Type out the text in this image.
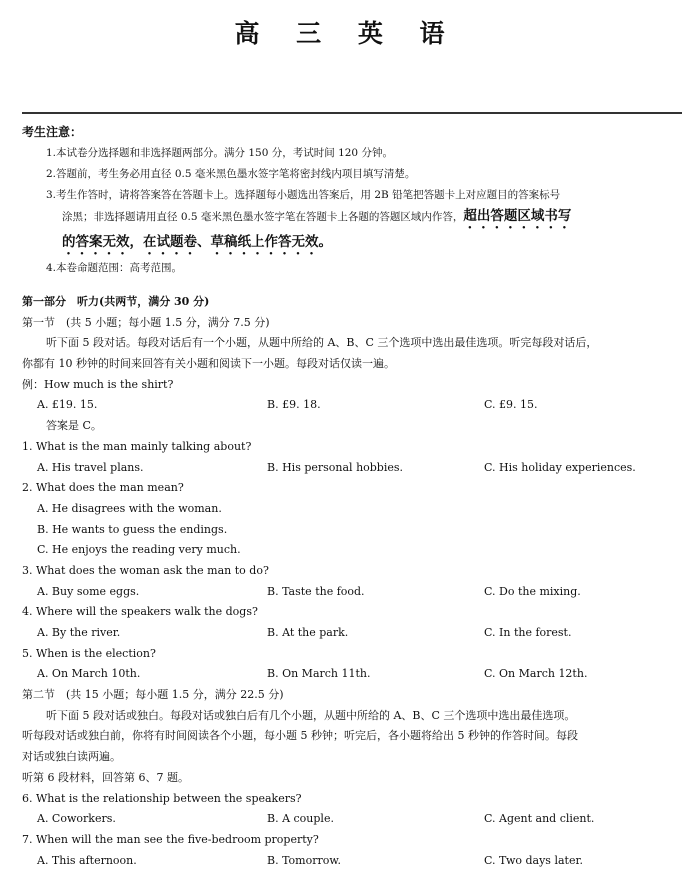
高 三 英 语
考生注意：
1.本试卷分选择题和非选择题两部分。满分 150 分，考试时间 120 分钟。
2.答题前，考生务必用直径 0.5 毫米黑色墨水签字笔将密封线内项目填写清楚。
3.考生作答时，请将答案答在答题卡上。选择题每小题选出答案后，用 2B 铅笔把答题卡上对应题目的答案标号
涂黑；非选择题请用直径 0.5 毫米黑色墨水签字笔在答题卡上各题的答题区域内作答，超出答题区域书写
的答案无效，在试题卷、草稿纸上作答无效。
4.本卷命题范围：高考范围。
第一部分　听力(共两节，满分 30 分)
第一节　(共 5 小题；每小题 1.5 分，满分 7.5 分)
听下面 5 段对话。每段对话后有一个小题，从题中所给的 A、B、C 三个选项中选出最佳选项。听完每段对话后，
你都有 10 秒钟的时间来回答有关小题和阅读下一小题。每段对话仅读一遍。
例：How much is the shirt?
A. £19. 15.	B. £9. 18.	C. £9. 15.
答案是 C。
1. What is the man mainly talking about?
A. His travel plans.	B. His personal hobbies.	C. His holiday experiences.
2. What does the man mean?
A. He disagrees with the woman.
B. He wants to guess the endings.
C. He enjoys the reading very much.
3. What does the woman ask the man to do?
A. Buy some eggs.	B. Taste the food.	C. Do the mixing.
4. Where will the speakers walk the dogs?
A. By the river.	B. At the park.	C. In the forest.
5. When is the election?
A. On March 10th.	B. On March 11th.	C. On March 12th.
第二节　(共 15 小题；每小题 1.5 分，满分 22.5 分)
听下面 5 段对话或独白。每段对话或独白后有几个小题，从题中所给的 A、B、C 三个选项中选出最佳选项。
听每段对话或独白前，你将有时间阅读各个小题，每小题 5 秒钟；听完后，各小题将给出 5 秒钟的作答时间。每段
对话或独白读两遍。
听第 6 段材料，回答第 6、7 题。
6. What is the relationship between the speakers?
A. Coworkers.	B. A couple.	C. Agent and client.
7. When will the man see the five-bedroom property?
A. This afternoon.	B. Tomorrow.	C. Two days later.
